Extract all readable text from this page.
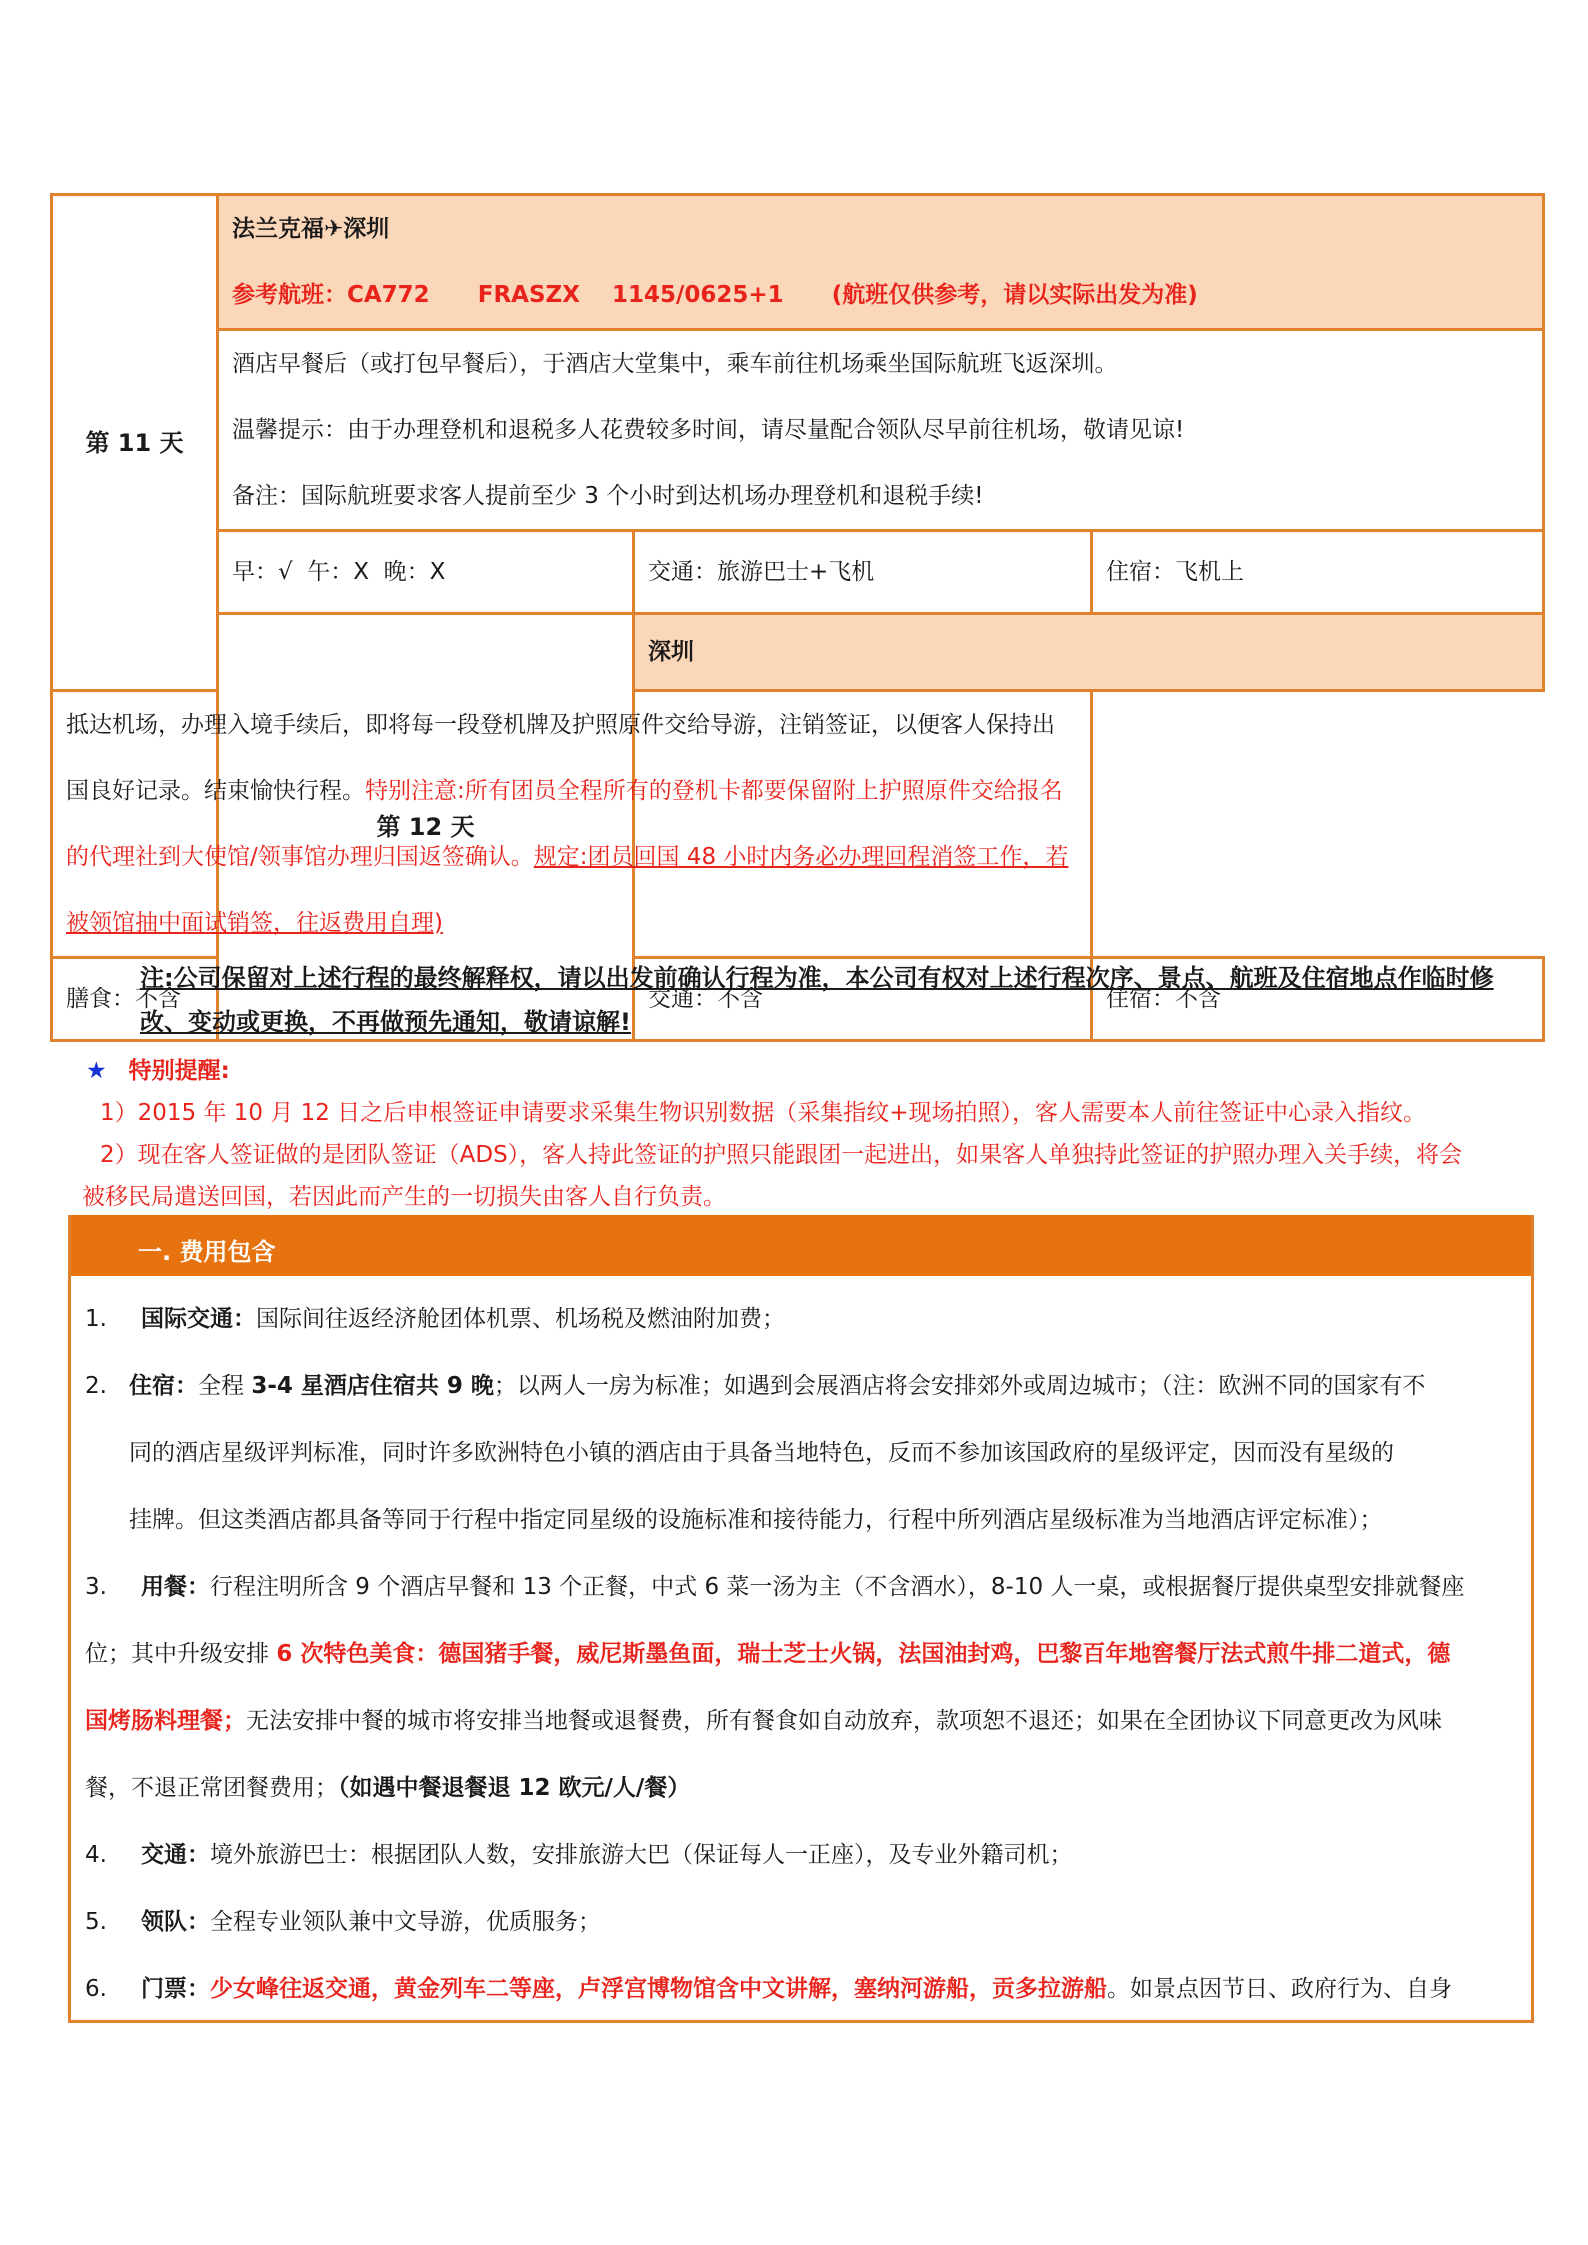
第 11 天	法兰克福✈深圳
参考航班：CA772      FRASZX    1145/0625+1      (航班仅供参考，请以实际出发为准)		

	酒店早餐后（或打包早餐后），于酒店大堂集中，乘车前往机场乘坐国际航班飞返深圳。
温馨提示：由于办理登机和退税多人花费较多时间，请尽量配合领队尽早前往机场，敬请见谅!
备注：国际航班要求客人提前至少 3 个小时到达机场办理登机和退税手续!		

	早：√  午：X  晚：X	交通：旅游巴士+飞机	住宿：飞机上
	第 12 天	深圳	
抵达机场，办理入境手续后，即将每一段登机牌及护照原件交给导游，注销签证，以便客人保持出国良好记录。结束愉快行程。特别注意:所有团员全程所有的登机卡都要保留附上护照原件交给报名的代理社到大使馆/领事馆办理归国返签确认。规定:团员回国 48 小时内务必办理回程消签工作，若被领馆抽中面试销签，往返费用自理)			
膳食：不含		交通：不含	住宿：不含
注:公司保留对上述行程的最终解释权，请以出发前确认行程为准，本公司有权对上述行程次序、景点、航班及住宿地点作临时修改、变动或更换，不再做预先通知，敬请谅解!
★ 特别提醒:
1）2015 年 10 月 12 日之后申根签证申请要求采集生物识别数据（采集指纹+现场拍照），客人需要本人前往签证中心录入指纹。
2）现在客人签证做的是团队签证（ADS），客人持此签证的护照只能跟团一起进出，如果客人单独持此签证的护照办理入关手续，将会
被移民局遣送回国，若因此而产生的一切损失由客人自行负责。
一. 费用包含
1. 国际交通：国际间往返经济舱团体机票、机场税及燃油附加费；
2. 住宿：全程 3-4 星酒店住宿共 9 晚；以两人一房为标准；如遇到会展酒店将会安排郊外或周边城市；（注：欧洲不同的国家有不
同的酒店星级评判标准，同时许多欧洲特色小镇的酒店由于具备当地特色，反而不参加该国政府的星级评定，因而没有星级的
挂牌。但这类酒店都具备等同于行程中指定同星级的设施标准和接待能力，行程中所列酒店星级标准为当地酒店评定标准）；
3. 用餐：行程注明所含 9 个酒店早餐和 13 个正餐，中式 6 菜一汤为主（不含酒水），8-10 人一桌，或根据餐厅提供桌型安排就餐座
位；其中升级安排 6 次特色美食：德国猪手餐，威尼斯墨鱼面，瑞士芝士火锅，法国油封鸡，巴黎百年地窖餐厅法式煎牛排二道式，德
国烤肠料理餐；无法安排中餐的城市将安排当地餐或退餐费，所有餐食如自动放弃，款项恕不退还；如果在全团协议下同意更改为风味
餐，不退正常团餐费用；（如遇中餐退餐退 12 欧元/人/餐）
4. 交通：境外旅游巴士：根据团队人数，安排旅游大巴（保证每人一正座），及专业外籍司机；
5. 领队：全程专业领队兼中文导游，优质服务；
6. 门票：少女峰往返交通，黄金列车二等座，卢浮宫博物馆含中文讲解，塞纳河游船，贡多拉游船。如景点因节日、政府行为、自身
